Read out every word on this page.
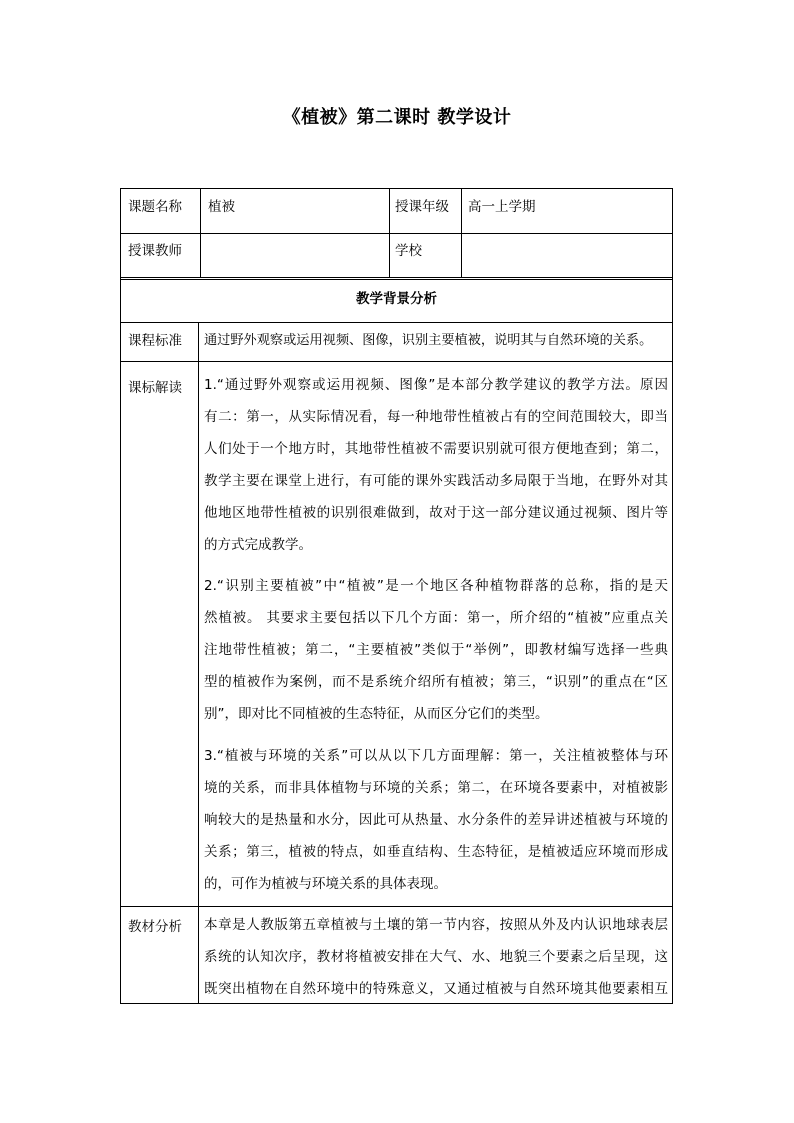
《植被》第二课时 教学设计
课题名称 植被	授课年级 高一上学期
授课教师	学校
教学背景分析
课程标准 通过野外观察或运用视频、图像，识别主要植被，说明其与自然环境的关系。
课标解读 1.“通过野外观察或运用视频、图像”是本部分教学建议的教学方法。原因
有二：第一，从实际情况看，每一种地带性植被占有的空间范围较大，即当
人们处于一个地方时，其地带性植被不需要识别就可很方便地查到；第二，
教学主要在课堂上进行，有可能的课外实践活动多局限于当地，在野外对其
他地区地带性植被的识别很难做到，故对于这一部分建议通过视频、图片等
的方式完成教学。
2.“识别主要植被”中“植被”是一个地区各种植物群落的总称，指的是天
然植被。 其要求主要包括以下几个方面：第一，所介绍的“植被”应重点关
注地带性植被；第二，“主要植被”类似于“举例”，即教材编写选择一些典
型的植被作为案例，而不是系统介绍所有植被；第三，“识别”的重点在“区
别”，即对比不同植被的生态特征，从而区分它们的类型。
3.“植被与环境的关系”可以从以下几方面理解：第一，关注植被整体与环
境的关系，而非具体植物与环境的关系；第二，在环境各要素中，对植被影
响较大的是热量和水分，因此可从热量、水分条件的差异讲述植被与环境的
关系；第三，植被的特点，如垂直结构、生态特征，是植被适应环境而形成
的，可作为植被与环境关系的具体表现。
教材分析 本章是人教版第五章植被与土壤的第一节内容，按照从外及内认识地球表层
系统的认知次序，教材将植被安排在大气、水、地貌三个要素之后呈现，这
既突出植物在自然环境中的特殊意义，又通过植被与自然环境其他要素相互
